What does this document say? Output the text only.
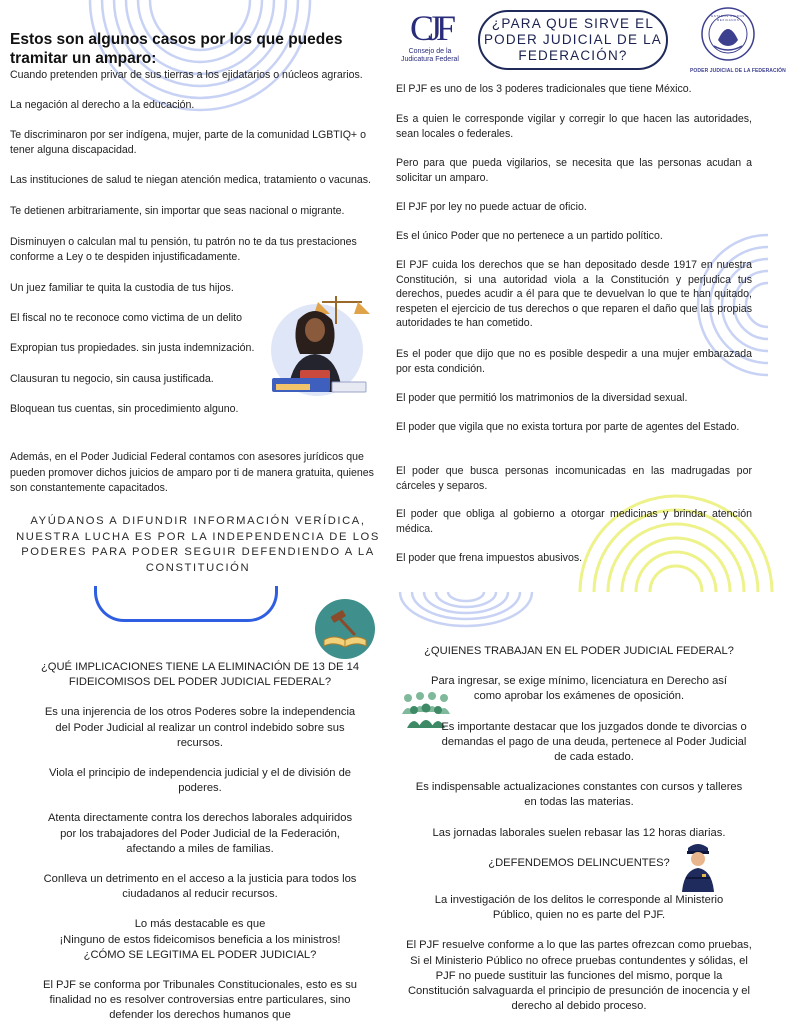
Estos son algunos casos por los que puedes tramitar un amparo:
Cuando pretenden privar de sus tierras a los ejidatarios o núcleos agrarios.
La negación al derecho a la educación.
Te discriminaron por ser indígena, mujer, parte de la comunidad LGBTIQ+ o tener alguna discapacidad.
Las instituciones de salud te niegan atención medica, tratamiento o vacunas.
Te detienen arbitrariamente, sin importar que seas nacional o migrante.
Disminuyen o calculan mal tu pensión, tu patrón no te da tus prestaciones conforme a Ley o te despiden injustificadamente.
Un juez familiar te quita la custodia de tus hijos.
El fiscal no te reconoce como victima de un delito
Expropian tus propiedades. sin justa indemnización.
Clausuran tu negocio, sin causa justificada.
Bloquean tus cuentas, sin procedimiento alguno.
Además, en el Poder Judicial Federal contamos con asesores jurídicos que pueden promover dichos juicios de amparo por ti de manera gratuita, quienes son constantemente capacitados.
AYÚDANOS A DIFUNDIR INFORMACIÓN VERÍDICA, NUESTRA LUCHA ES POR LA INDEPENDENCIA DE LOS PODERES PARA PODER SEGUIR DEFENDIENDO A LA CONSTITUCIÓN
CJF
Consejo de la Judicatura Federal
¿PARA QUE SIRVE EL PODER JUDICIAL DE LA FEDERACIÓN?
ESTADOS UNIDOS MEXICANOS
PODER JUDICIAL DE LA FEDERACIÓN
El PJF es uno de los 3 poderes tradicionales que tiene México.
Es a quien le corresponde vigilar y corregir lo que hacen las autoridades, sean locales o federales.
Pero para que pueda vigilarios, se necesita que las personas acudan a solicitar un amparo.
El PJF por ley no puede actuar de oficio.
Es el único Poder que no pertenece a un partido político.
El PJF cuida los derechos que se han depositado desde 1917 en nuestra Constitución, si una autoridad viola a la Constitución y perjudica tus derechos, puedes acudir a él para que te devuelvan lo que te han quitado, respeten el ejercicio de tus derechos o que reparen el daño que las propias autoridades te han cometido.
Es el poder que dijo que no es posible despedir a una mujer embarazada por esta condición.
El poder que permitió los matrimonios de la diversidad sexual.
El poder que vigila que no exista tortura por parte de agentes del Estado.
El poder que busca personas incomunicadas en las madrugadas por cárceles y separos.
El poder que obliga al gobierno a otorgar medicinas y brindar atención médica.
El poder que frena impuestos abusivos.

¿QUÉ IMPLICACIONES TIENE LA ELIMINACIÓN DE 13 DE 14 FIDEICOMISOS DEL PODER JUDICIAL FEDERAL?

Es una injerencia de los otros Poderes sobre la independencia del Poder Judicial al realizar un control indebido sobre sus recursos.

Viola el principio de independencia judicial y el de división de poderes.

Atenta directamente contra los derechos laborales adquiridos por los trabajadores del Poder Judicial de la Federación, afectando a miles de familias.

Conlleva un detrimento en el acceso a la justicia para todos los ciudadanos al reducir recursos.

Lo más destacable es que

¡Ninguno de estos fideicomisos beneficia a los ministros!

¿CÓMO SE LEGITIMA EL PODER JUDICIAL?

El PJF se conforma por Tribunales Constitucionales, esto es su finalidad no es resolver controversias entre particulares, sino defender los derechos humanos que

¿QUIENES TRABAJAN EN EL PODER JUDICIAL FEDERAL?

Para ingresar, se exige mínimo, licenciatura en Derecho así como aprobar los exámenes de oposición.

Es importante destacar que los juzgados donde te divorcias o demandas el pago de una deuda, pertenece al Poder Judicial de cada estado.

Es indispensable actualizaciones constantes con cursos y talleres en todas las materias.

Las jornadas laborales suelen rebasar las 12 horas diarias.

¿DEFENDEMOS DELINCUENTES?

La investigación de los delitos le corresponde al Ministerio Público, quien no es parte del PJF.

El PJF resuelve conforme a lo que las partes ofrezcan como pruebas, Si el Ministerio Público no ofrece pruebas contundentes y sólidas, el PJF no puede sustituir las funciones del mismo, porque la Constitución salvaguarda el principio de presunción de inocencia y el derecho al debido proceso.
